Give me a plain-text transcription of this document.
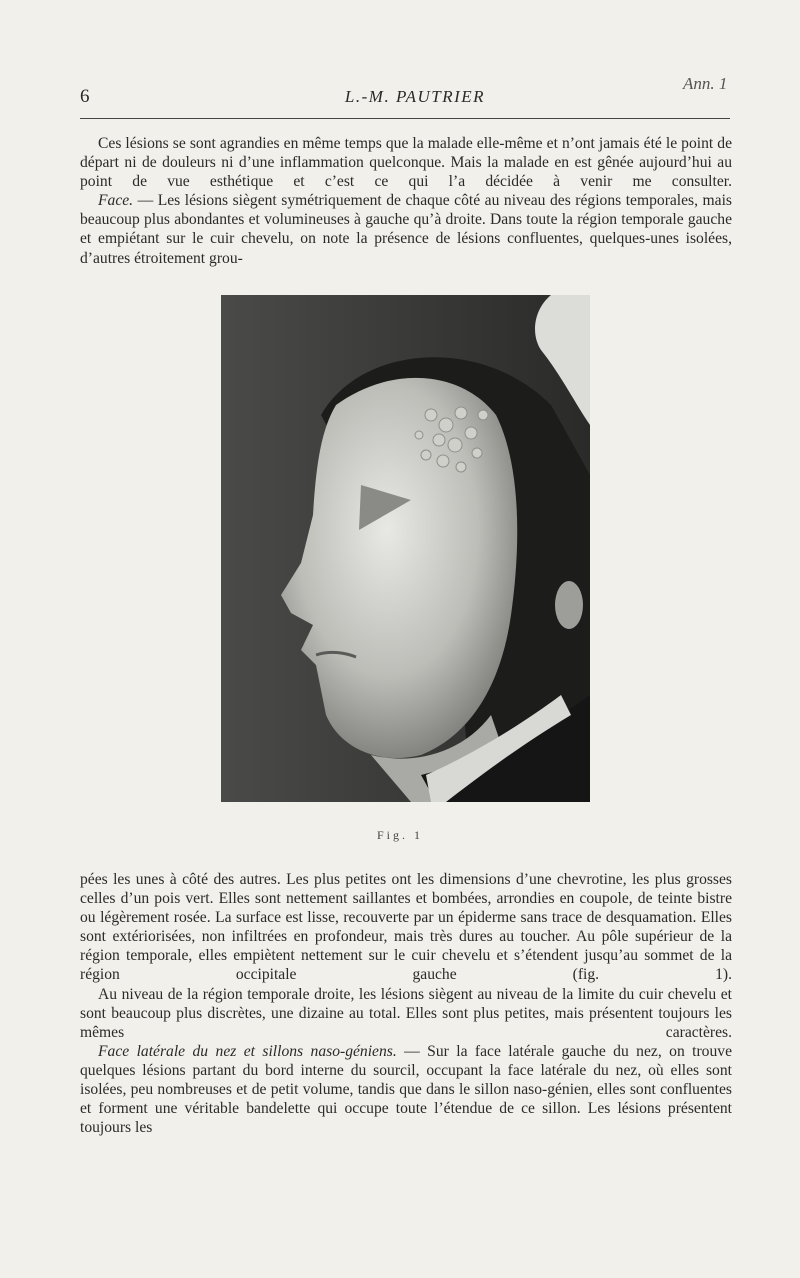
Ann. 1
6	L.-M. PAUTRIER

Ces lésions se sont agrandies en même temps que la malade elle-même et n’ont jamais été le point de départ ni de douleurs ni d’une inflammation quelconque. Mais la malade en est gênée aujourd’hui au point de vue esthétique et c’est ce qui l’a décidée à venir me consulter.

Face. — Les lésions siègent symétriquement de chaque côté au niveau des régions temporales, mais beaucoup plus abondantes et volumineuses à gauche qu’à droite. Dans toute la région temporale gauche et empiétant sur le cuir chevelu, on note la présence de lésions confluentes, quelques-unes isolées, d’autres étroitement grou-

Fig. 1

pées les unes à côté des autres. Les plus petites ont les dimensions d’une chevrotine, les plus grosses celles d’un pois vert. Elles sont nettement saillantes et bombées, arrondies en coupole, de teinte bistre ou légèrement rosée. La surface est lisse, recouverte par un épiderme sans trace de desquamation. Elles sont extériorisées, non infiltrées en profondeur, mais très dures au toucher. Au pôle supérieur de la région temporale, elles empiètent nettement sur le cuir chevelu et s’étendent jusqu’au sommet de la région occipitale gauche (fig. 1).

Au niveau de la région temporale droite, les lésions siègent au niveau de la limite du cuir chevelu et sont beaucoup plus discrètes, une dizaine au total. Elles sont plus petites, mais présentent toujours les mêmes caractères.

Face latérale du nez et sillons naso-géniens. — Sur la face latérale gauche du nez, on trouve quelques lésions partant du bord interne du sourcil, occupant la face latérale du nez, où elles sont isolées, peu nombreuses et de petit volume, tandis que dans le sillon naso-génien, elles sont confluentes et forment une véritable bandelette qui occupe toute l’étendue de ce sillon. Les lésions présentent toujours les
